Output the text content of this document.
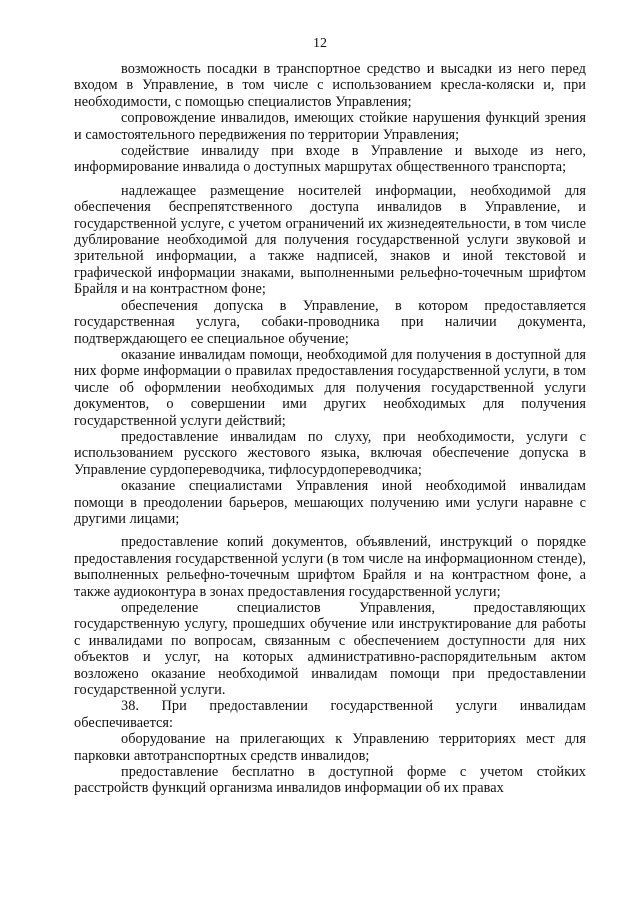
12

возможность посадки в транспортное средство и высадки из него перед входом в Управление, в том числе с использованием кресла-коляски и, при необходимости, с помощью специалистов Управления;

сопровождение инвалидов, имеющих стойкие нарушения функций зрения и самостоятельного передвижения по территории Управления;

содействие инвалиду при входе в Управление и выходе из него, информирование инвалида о доступных маршрутах общественного транспорта;

надлежащее размещение носителей информации, необходимой для обеспечения беспрепятственного доступа инвалидов в Управление, и государственной услуге, с учетом ограничений их жизнедеятельности, в том числе дублирование необходимой для получения государственной услуги звуковой и зрительной информации, а также надписей, знаков и иной текстовой и графической информации знаками, выполненными рельефно-точечным шрифтом Брайля и на контрастном фоне;

обеспечения допуска в Управление, в котором предоставляется государственная услуга, собаки-проводника при наличии документа, подтверждающего ее специальное обучение;

оказание инвалидам помощи, необходимой для получения в доступной для них форме информации о правилах предоставления государственной услуги, в том числе об оформлении необходимых для получения государственной услуги документов, о совершении ими других необходимых для получения государственной услуги действий;

предоставление инвалидам по слуху, при необходимости, услуги с использованием русского жестового языка, включая обеспечение допуска в Управление сурдопереводчика, тифлосурдопереводчика;

оказание специалистами Управления иной необходимой инвалидам помощи в преодолении барьеров, мешающих получению ими услуги наравне с другими лицами;

предоставление копий документов, объявлений, инструкций о порядке предоставления государственной услуги (в том числе на информационном стенде), выполненных рельефно-точечным шрифтом Брайля и на контрастном фоне, а также аудиоконтура в зонах предоставления государственной услуги;

определение специалистов Управления, предоставляющих государственную услугу, прошедших обучение или инструктирование для работы с инвалидами по вопросам, связанным с обеспечением доступности для них объектов и услуг, на которых административно-распорядительным актом возложено оказание необходимой инвалидам помощи при предоставлении государственной услуги.

38. При предоставлении государственной услуги инвалидам обеспечивается:

оборудование на прилегающих к Управлению территориях мест для парковки автотранспортных средств инвалидов;

предоставление бесплатно в доступной форме с учетом стойких расстройств функций организма инвалидов информации об их правах
